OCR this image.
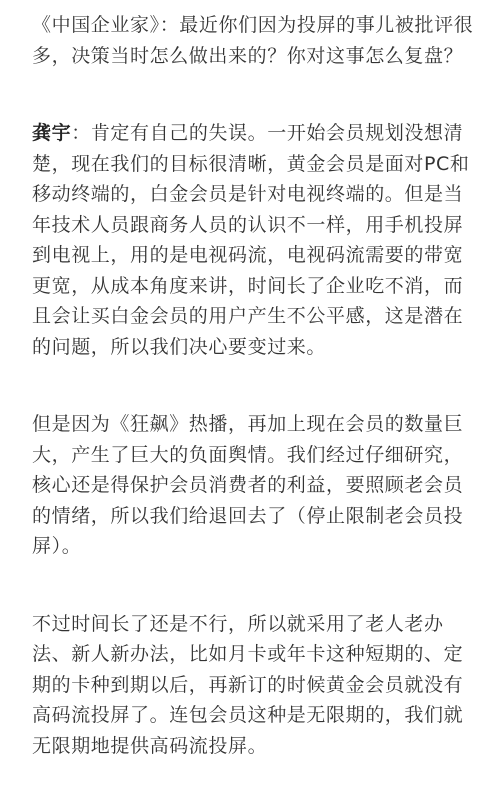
《中国企业家》：最近你们因为投屏的事儿被批评很多，决策当时怎么做出来的？你对这事怎么复盘？

龚宇：肯定有自己的失误。一开始会员规划没想清楚，现在我们的目标很清晰，黄金会员是面对PC和移动终端的，白金会员是针对电视终端的。但是当年技术人员跟商务人员的认识不一样，用手机投屏到电视上，用的是电视码流，电视码流需要的带宽更宽，从成本角度来讲，时间长了企业吃不消，而且会让买白金会员的用户产生不公平感，这是潜在的问题，所以我们决心要变过来。

但是因为《狂飙》热播，再加上现在会员的数量巨大，产生了巨大的负面舆情。我们经过仔细研究，核心还是得保护会员消费者的利益，要照顾老会员的情绪，所以我们给退回去了（停止限制老会员投屏）。

不过时间长了还是不行，所以就采用了老人老办法、新人新办法，比如月卡或年卡这种短期的、定期的卡种到期以后，再新订的时候黄金会员就没有高码流投屏了。连包会员这种是无限期的，我们就无限期地提供高码流投屏。
